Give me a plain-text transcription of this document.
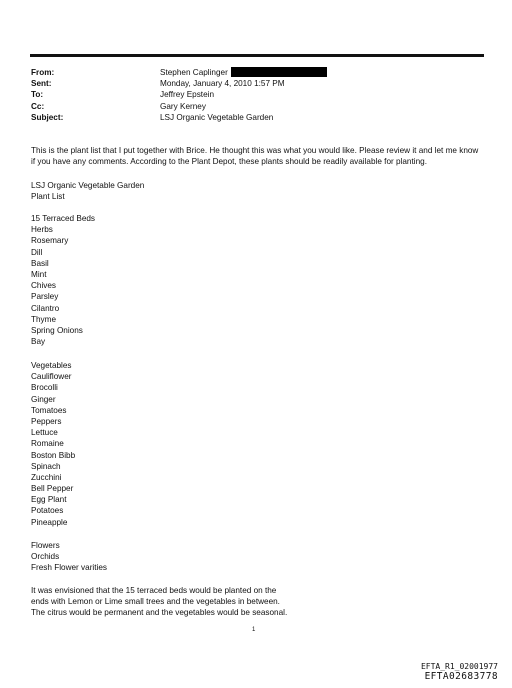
From:	Stephen Caplinger
Sent:	Monday, January 4, 2010 1:57 PM
To:	Jeffrey Epstein
Cc:	Gary Kerney
Subject:	LSJ Organic Vegetable Garden

This is the plant list that I put together with Brice. He thought this was what you would like. Please review it and let me know if you have any comments. According to the Plant Depot, these plants should be readily available for planting.

LSJ Organic Vegetable Garden
Plant List
15 Terraced Beds
Herbs
Rosemary
Dill
Basil
Mint
Chives
Parsley
Cilantro
Thyme
Spring Onions
Bay
Vegetables
Cauliflower
Brocolli
Ginger
Tomatoes
Peppers
Lettuce
Romaine
Boston Bibb
Spinach
Zucchini
Bell Pepper
Egg Plant
Potatoes
Pineapple
Flowers
Orchids
Fresh Flower varities
It was envisioned that the 15 terraced beds would be planted on the
ends with Lemon or Lime small trees and the vegetables in between.
The citrus would be permanent and the vegetables would be seasonal.
1
EFTA_R1_02001977
EFTA02683778
